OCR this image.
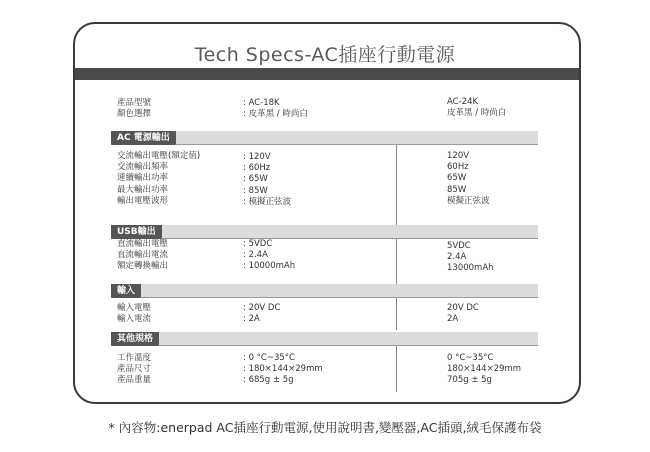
Tech Specs-AC插座行動電源
產品型號
顏色選擇
: AC-18K
: 皮革黑 / 時尚白
AC-24K
皮革黑 / 時尚白
AC 電源輸出
交流輸出電壓(額定值)
交流輸出頻率
連續輸出功率
最大輸出功率
輸出電壓波形
: 120V
: 60Hz
: 65W
: 85W
: 模擬正弦波
120V
60Hz
65W
85W
模擬正弦波
USB輸出
直流輸出電壓
直流輸出電流
額定轉換輸出
: 5VDC
: 2.4A
: 10000mAh
5VDC
2.4A
13000mAh
輸入
輸入電壓
輸入電流
: 20V DC
: 2A
20V DC
2A
其他規格
工作溫度
產品尺寸
產品重量
: 0 °C~35°C
: 180×144×29mm
: 685g ± 5g
0 °C~35°C
180×144×29mm
705g ± 5g
* 內容物:enerpad AC插座行動電源,使用說明書,變壓器,AC插頭,絨毛保護布袋
